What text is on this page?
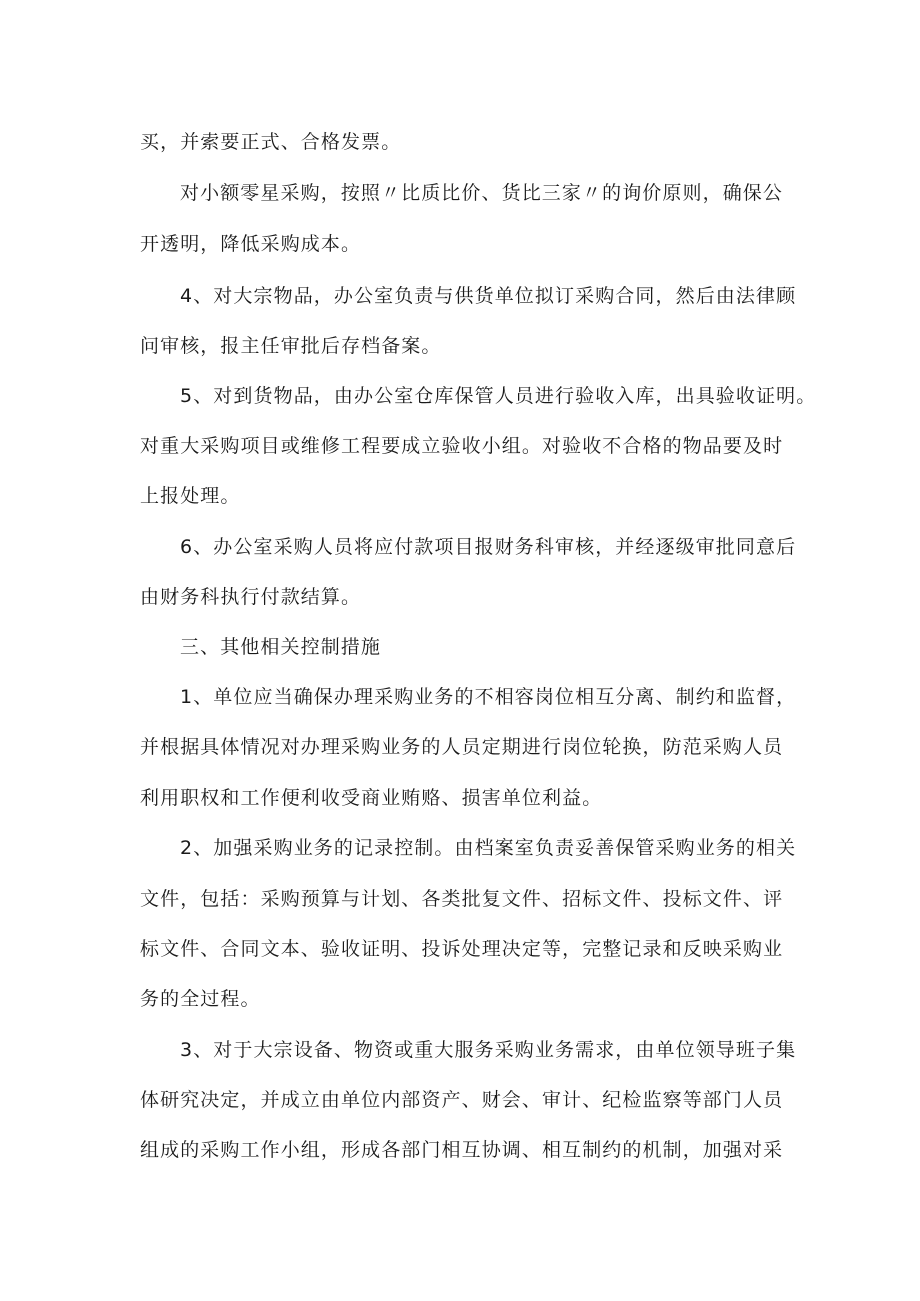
买，并索要正式、合格发票。
对小额零星采购，按照〃比质比价、货比三家〃的询价原则，确保公
开透明，降低采购成本。
4、对大宗物品，办公室负责与供货单位拟订采购合同，然后由法律顾
问审核，报主任审批后存档备案。
5、对到货物品，由办公室仓库保管人员进行验收入库，出具验收证明。
对重大采购项目或维修工程要成立验收小组。对验收不合格的物品要及时
上报处理。
6、办公室采购人员将应付款项目报财务科审核，并经逐级审批同意后
由财务科执行付款结算。
三、其他相关控制措施
1、单位应当确保办理采购业务的不相容岗位相互分离、制约和监督，
并根据具体情况对办理采购业务的人员定期进行岗位轮换，防范采购人员
利用职权和工作便利收受商业贿赂、损害单位利益。
2、加强采购业务的记录控制。由档案室负责妥善保管采购业务的相关
文件，包括：采购预算与计划、各类批复文件、招标文件、投标文件、评
标文件、合同文本、验收证明、投诉处理决定等，完整记录和反映采购业
务的全过程。
3、对于大宗设备、物资或重大服务采购业务需求，由单位领导班子集
体研究决定，并成立由单位内部资产、财会、审计、纪检监察等部门人员
组成的采购工作小组，形成各部门相互协调、相互制约的机制，加强对采
